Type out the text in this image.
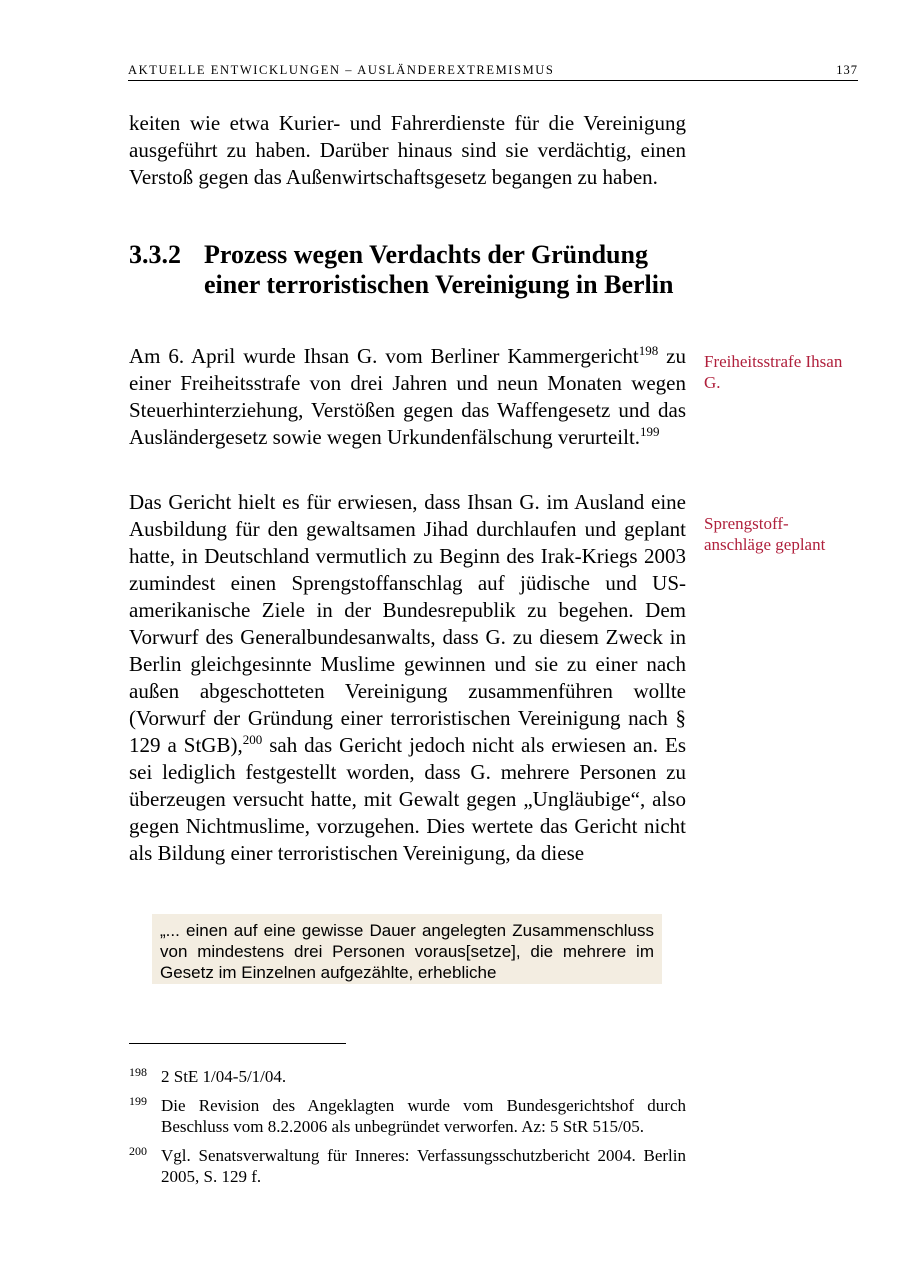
AKTUELLE ENTWICKLUNGEN – AUSLÄNDEREXTREMISMUS	137

keiten wie etwa Kurier- und Fahrerdienste für die Vereinigung ausgeführt zu haben. Darüber hinaus sind sie verdächtig, einen Verstoß gegen das Außenwirtschaftsgesetz begangen zu haben.

3.3.2 Prozess wegen Verdachts der Gründung einer terroristischen Vereinigung in Berlin

Am 6. April wurde Ihsan G. vom Berliner Kammergericht$^{198}$ zu einer Freiheitsstrafe von drei Jahren und neun Monaten wegen Steuerhinterziehung, Verstößen gegen das Waffengesetz und das Ausländergesetz sowie wegen Urkundenfälschung verurteilt.$^{199}$

Das Gericht hielt es für erwiesen, dass Ihsan G. im Ausland eine Ausbildung für den gewaltsamen Jihad durchlaufen und geplant hatte, in Deutschland vermutlich zu Beginn des Irak-Kriegs 2003 zumindest einen Sprengstoffanschlag auf jüdische und US-amerikanische Ziele in der Bundesrepublik zu begehen. Dem Vorwurf des Generalbundesanwalts, dass G. zu diesem Zweck in Berlin gleichgesinnte Muslime gewinnen und sie zu einer nach außen abgeschotteten Vereinigung zusammenführen wollte (Vorwurf der Gründung einer terroristischen Vereinigung nach § 129 a StGB),$^{200}$ sah das Gericht jedoch nicht als erwiesen an. Es sei lediglich festgestellt worden, dass G. mehrere Personen zu überzeugen versucht hatte, mit Gewalt gegen „Ungläubige“, also gegen Nichtmuslime, vorzugehen. Dies wertete das Gericht nicht als Bildung einer terroristischen Vereinigung, da diese

Freiheitsstrafe Ihsan G.
Sprengstoff-anschläge geplant

„... einen auf eine gewisse Dauer angelegten Zusammenschluss von mindestens drei Personen voraus[setze], die mehrere im Gesetz im Einzelnen aufgezählte, erhebliche

198 2 StE 1/04-5/1/04.
199 Die Revision des Angeklagten wurde vom Bundesgerichtshof durch Beschluss vom 8.2.2006 als unbegründet verworfen. Az: 5 StR 515/05.
200 Vgl. Senatsverwaltung für Inneres: Verfassungsschutzbericht 2004. Berlin 2005, S. 129 f.
